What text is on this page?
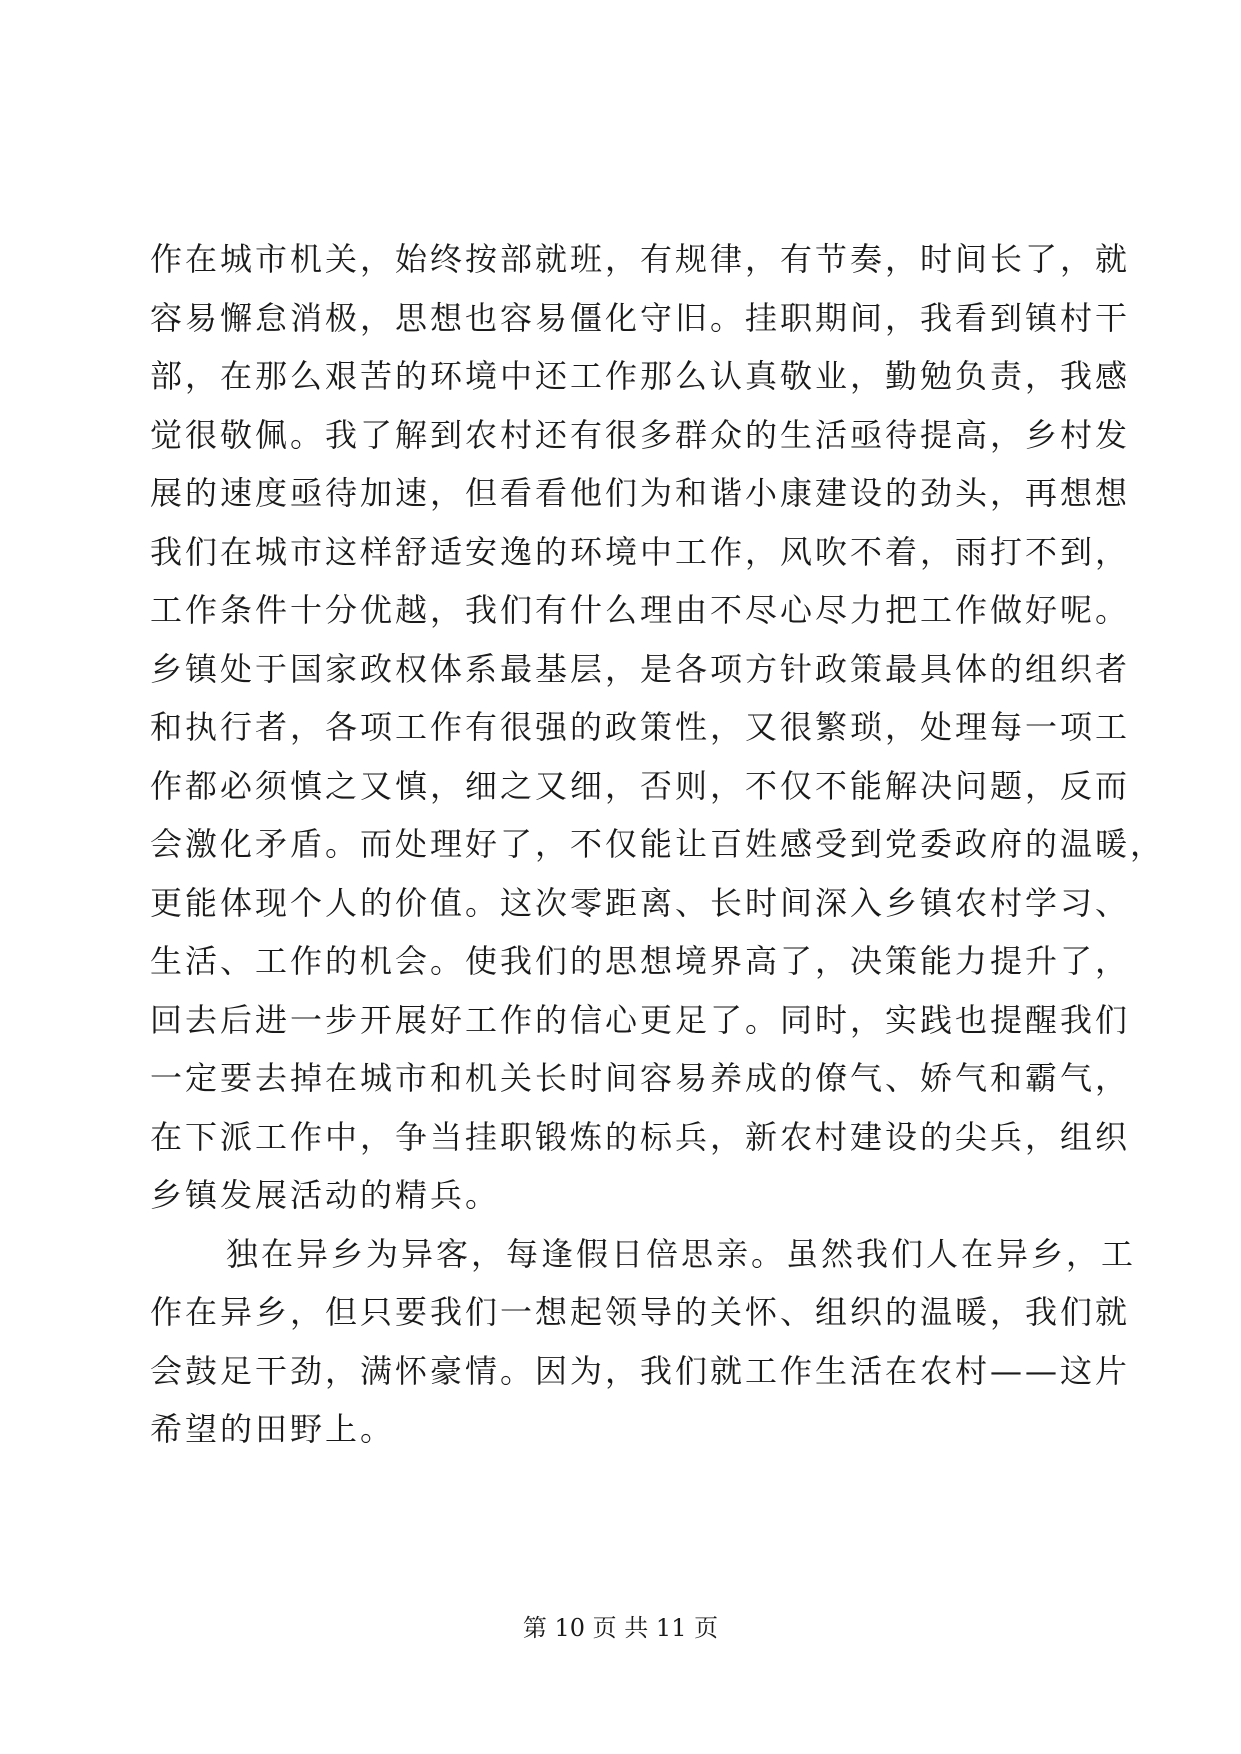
作在城市机关，始终按部就班，有规律，有节奏，时间长了，就

容易懈怠消极，思想也容易僵化守旧。挂职期间，我看到镇村干

部，在那么艰苦的环境中还工作那么认真敬业，勤勉负责，我感

觉很敬佩。我了解到农村还有很多群众的生活亟待提高，乡村发

展的速度亟待加速，但看看他们为和谐小康建设的劲头，再想想

我们在城市这样舒适安逸的环境中工作，风吹不着，雨打不到，

工作条件十分优越，我们有什么理由不尽心尽力把工作做好呢。

乡镇处于国家政权体系最基层，是各项方针政策最具体的组织者

和执行者，各项工作有很强的政策性，又很繁琐，处理每一项工

作都必须慎之又慎，细之又细，否则，不仅不能解决问题，反而

会激化矛盾。而处理好了，不仅能让百姓感受到党委政府的温暖，

更能体现个人的价值。这次零距离、长时间深入乡镇农村学习、

生活、工作的机会。使我们的思想境界高了，决策能力提升了，

回去后进一步开展好工作的信心更足了。同时，实践也提醒我们

一定要去掉在城市和机关长时间容易养成的僚气、娇气和霸气，

在下派工作中，争当挂职锻炼的标兵，新农村建设的尖兵，组织

乡镇发展活动的精兵。

独在异乡为异客，每逢假日倍思亲。虽然我们人在异乡，工

作在异乡，但只要我们一想起领导的关怀、组织的温暖，我们就

会鼓足干劲，满怀豪情。因为，我们就工作生活在农村——这片

希望的田野上。

第 10 页 共 11 页
